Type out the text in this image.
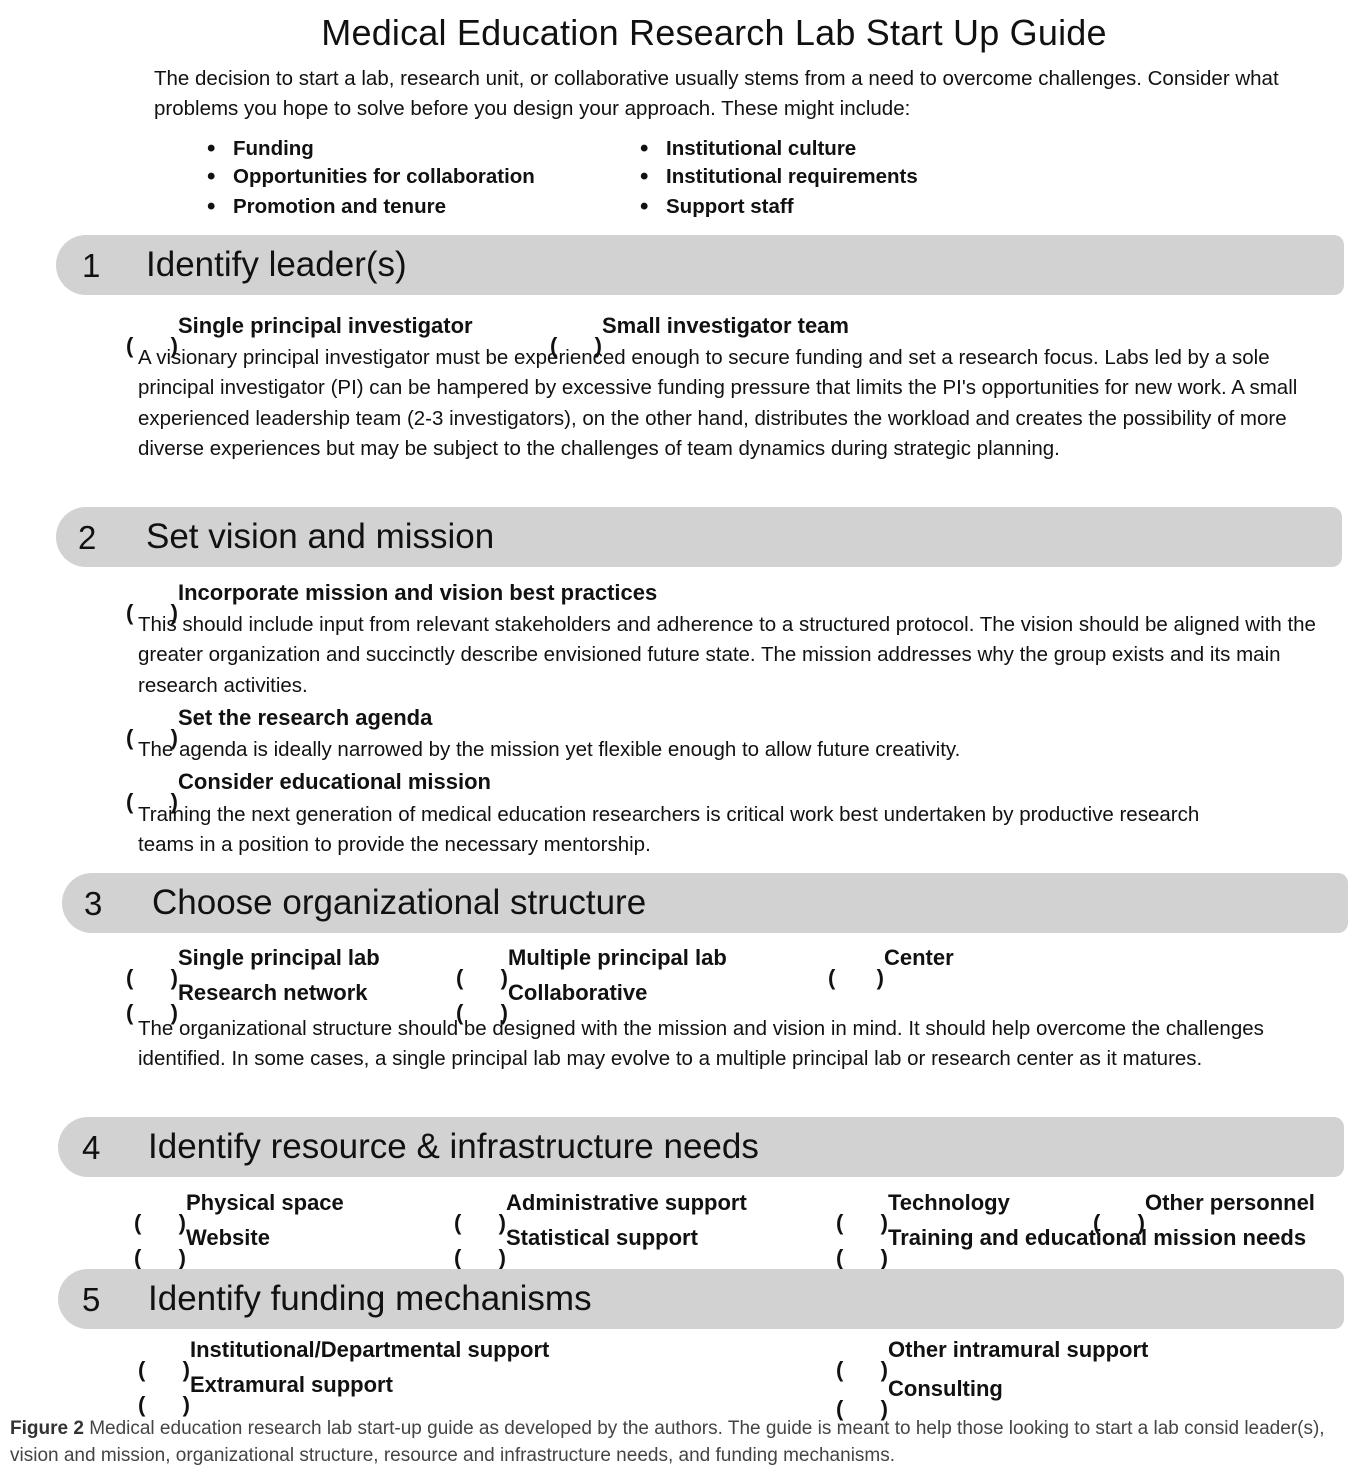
Medical Education Research Lab Start Up Guide
The decision to start a lab, research unit, or collaborative usually stems from a need to overcome challenges. Consider what problems you hope to solve before you design your approach. These might include:
• Funding
• Opportunities for collaboration
• Promotion and tenure
• Institutional culture
• Institutional requirements
• Support staff
1 Identify leader(s)
Single principal investigator	Small investigator team
A visionary principal investigator must be experienced enough to secure funding and set a research focus. Labs led by a sole principal investigator (PI) can be hampered by excessive funding pressure that limits the PI's opportunities for new work. A small experienced leadership team (2-3 investigators), on the other hand, distributes the workload and creates the possibility of more diverse experiences but may be subject to the challenges of team dynamics during strategic planning.
2 Set vision and mission
Incorporate mission and vision best practices
This should include input from relevant stakeholders and adherence to a structured protocol. The vision should be aligned with the greater organization and succinctly describe envisioned future state. The mission addresses why the group exists and its main research activities.
Set the research agenda
The agenda is ideally narrowed by the mission yet flexible enough to allow future creativity.
Consider educational mission
Training the next generation of medical education researchers is critical work best undertaken by productive research teams in a position to provide the necessary mentorship.
3 Choose organizational structure
Single principal lab	Multiple principal lab	Center
Research network	Collaborative
The organizational structure should be designed with the mission and vision in mind. It should help overcome the challenges identified. In some cases, a single principal lab may evolve to a multiple principal lab or research center as it matures.
4 Identify resource & infrastructure needs
Physical space	Administrative support	Technology	Other personnel
Website	Statistical support	Training and educational mission needs
5 Identify funding mechanisms
Institutional/Departmental support	Other intramural support
Extramural support	Consulting
Figure 2 Medical education research lab start-up guide as developed by the authors. The guide is meant to help those looking to start a lab consid leader(s), vision and mission, organizational structure, resource and infrastructure needs, and funding mechanisms.
